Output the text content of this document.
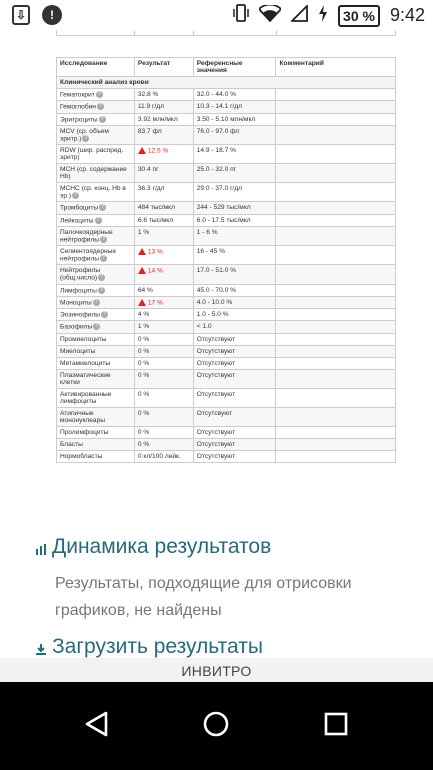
⇩	!	30 % 9:42
Исследование	Результат	Референсные значения	Комментарий
Клинический анализ крови			
Гематокрит ?	32.8 %	32.0 - 44.0 %	
Гемоглобин ?	11.9 г/дл	10.3 - 14.1 г/дл	
Эритроциты ?	3.92 млн/мкл	3.50 - 5.10 млн/мкл	
MCV (ср. объем эритр.) ?	83.7 фл	76.0 - 97.0 фл	
RDW (шир. распред. эритр)	12.5 %	14.9 - 18.7 %	
MCH (ср. содержание Hb)	30.4 пг	25.0 - 32.0 пг	
MCHC (ср. конц. Hb в эр.) ?	36.3 г/дл	29.0 - 37.0 г/дл	
Тромбоциты ?	484 тыс/мкл	244 - 529 тыс/мкл	
Лейкоциты ?	6.6 тыс/мкл	6.0 - 17.5 тыс/мкл	
Палочкоядерные нейтрофилы ?	1 %	1 - 6 %	
Сегментоядерные нейтрофилы ?	13 %	16 - 45 %	
Нейтрофилы (общ.число) ?	14 %	17.0 - 51.0 %	
Лимфоциты ?	64 %	45.0 - 70.0 %	
Моноциты ?	17 %	4.0 - 10.0 %	
Эозинофилы ?	4 %	1.0 - 5.0 %	
Базофилы ?	1 %	< 1.0	
Промиелоциты	0 %	Отсутствуют	
Миелоциты	0 %	Отсутствуют	
Метамиелоциты	0 %	Отсутствуют	
Плазматические клетки	0 %	Отсутствуют	
Активированные лимфоциты	0 %	Отсутствуют	
Атипичные мононуклеары	0 %	Отсутсвуют	
Пролимфоциты	0 %	Отсутствуют	
Бласты	0 %	Отсутствуют	
Нормобласты	0 кл/100 лейк.	Отсутствуют	
Динамика результатов
Результаты, подходящие для отрисовки графиков, не найдены
Загрузить результаты
ИНВИТРО
